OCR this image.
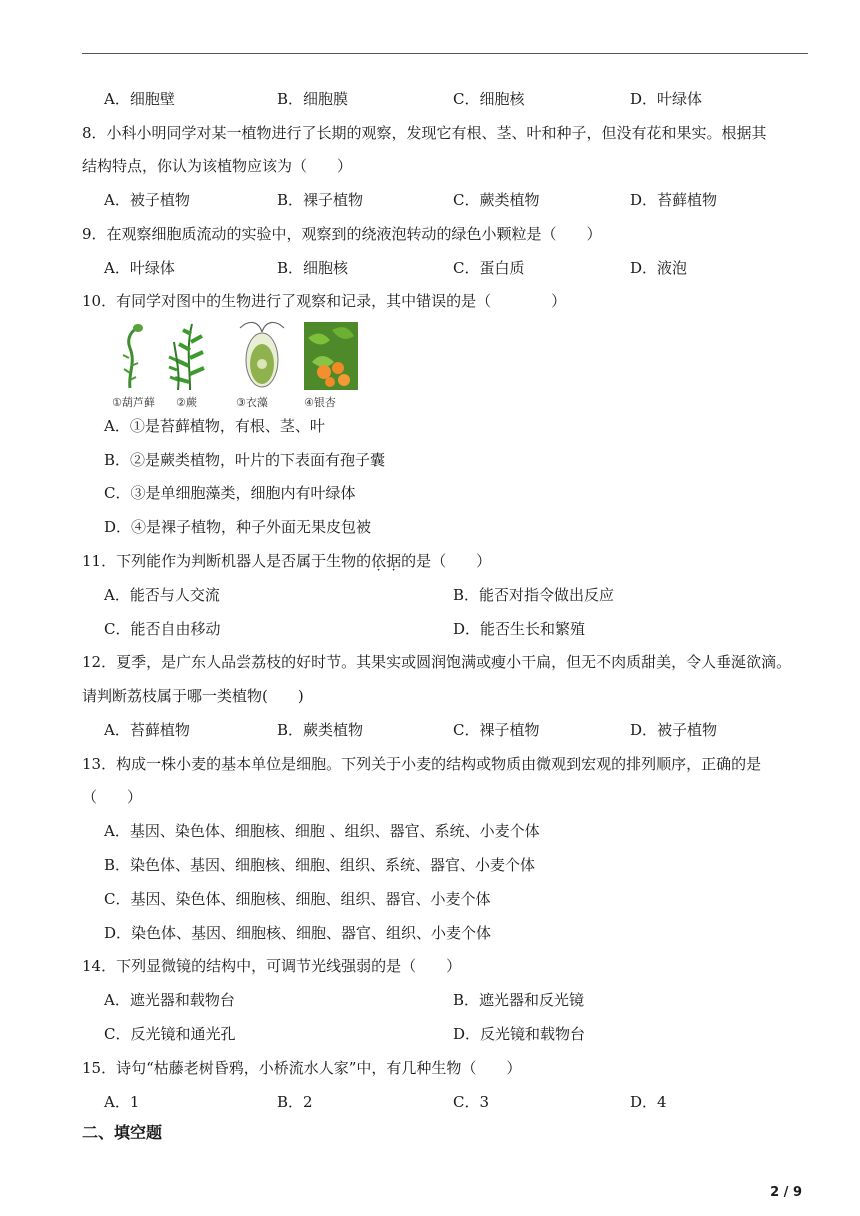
A．细胞壁	B．细胞膜	C．细胞核	D．叶绿体
8．小科小明同学对某一植物进行了长期的观察，发现它有根、茎、叶和种子，但没有花和果实。根据其
结构特点，你认为该植物应该为（　　）
A．被子植物	B．裸子植物	C．蕨类植物	D．苔藓植物
9．在观察细胞质流动的实验中，观察到的绕液泡转动的绿色小颗粒是（　　）
A．叶绿体	B．细胞核	C．蛋白质	D．液泡
10．有同学对图中的生物进行了观察和记录，其中错误的是（　　　　）
①葫芦藓 ②蕨	③衣藻	④银杏
A．①是苔藓植物，有根、茎、叶
B．②是蕨类植物，叶片的下表面有孢子囊
C．③是单细胞藻类，细胞内有叶绿体
D．④是裸子植物，种子外面无果皮包被
11．下列能作为判断机器人是否属于生物的依据的是（　　）
A．能否与人交流	B．能否对指令做出反应
C．能否自由移动	D．能否生长和繁殖
12．夏季，是广东人品尝荔枝的好时节。其果实或圆润饱满或瘦小干扁，但无不肉质甜美，令人垂涎欲滴。
请判断荔枝属于哪一类植物(　　)
A．苔藓植物	B．蕨类植物	C．裸子植物	D．被子植物
13．构成一株小麦的基本单位是细胞。下列关于小麦的结构或物质由微观到宏观的排列顺序，正确的是
（　　）
A．基因、染色体、细胞核、细胞 、组织、器官、系统、小麦个体
B．染色体、基因、细胞核、细胞、组织、系统、器官、小麦个体
C．基因、染色体、细胞核、细胞、组织、器官、小麦个体
D．染色体、基因、细胞核、细胞、器官、组织、小麦个体
14．下列显微镜的结构中，可调节光线强弱的是（　　）
A．遮光器和载物台	B．遮光器和反光镜
C．反光镜和通光孔	D．反光镜和载物台
15．诗句“枯藤老树昏鸦，小桥流水人家”中，有几种生物（　　）
A．1	B．2	C．3	D．4
二、填空题
2 / 9
